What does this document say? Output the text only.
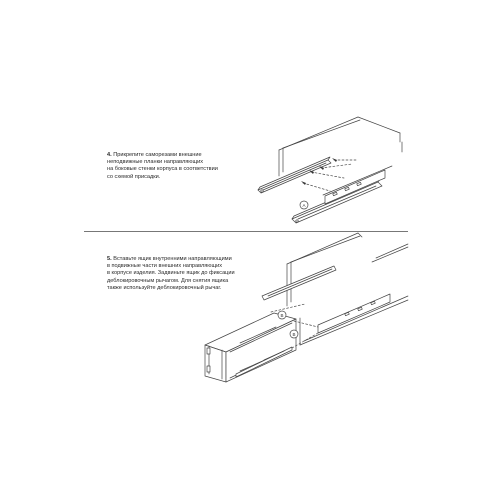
4. Прикрепите саморезами внешние
неподвижные планки направляющих
на боковые стенки корпуса в соответствии
со схемой присадки.
5. Вставьте ящик внутренними направляющими
в подвижные части внешних направляющих
в корпусе изделия. Задвиньте ящик до фиксации
деблокировочным рычагом. Для снятия ящика
также используйте деблокировочный рычаг.
A
B
B
